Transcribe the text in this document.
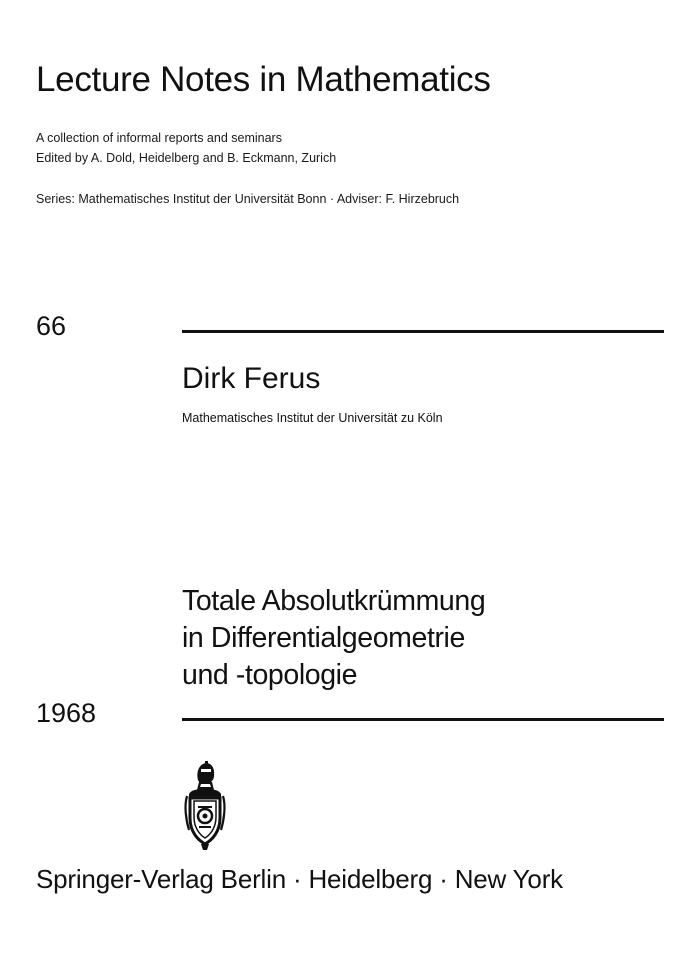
Lecture Notes in Mathematics
A collection of informal reports and seminars
Edited by A. Dold, Heidelberg and B. Eckmann, Zurich
Series: Mathematisches Institut der Universität Bonn · Adviser: F. Hirzebruch
66
Dirk Ferus
Mathematisches Institut der Universität zu Köln
Totale Absolutkrümmung
in Differentialgeometrie
und -topologie
1968
Springer-Verlag Berlin · Heidelberg · New York
